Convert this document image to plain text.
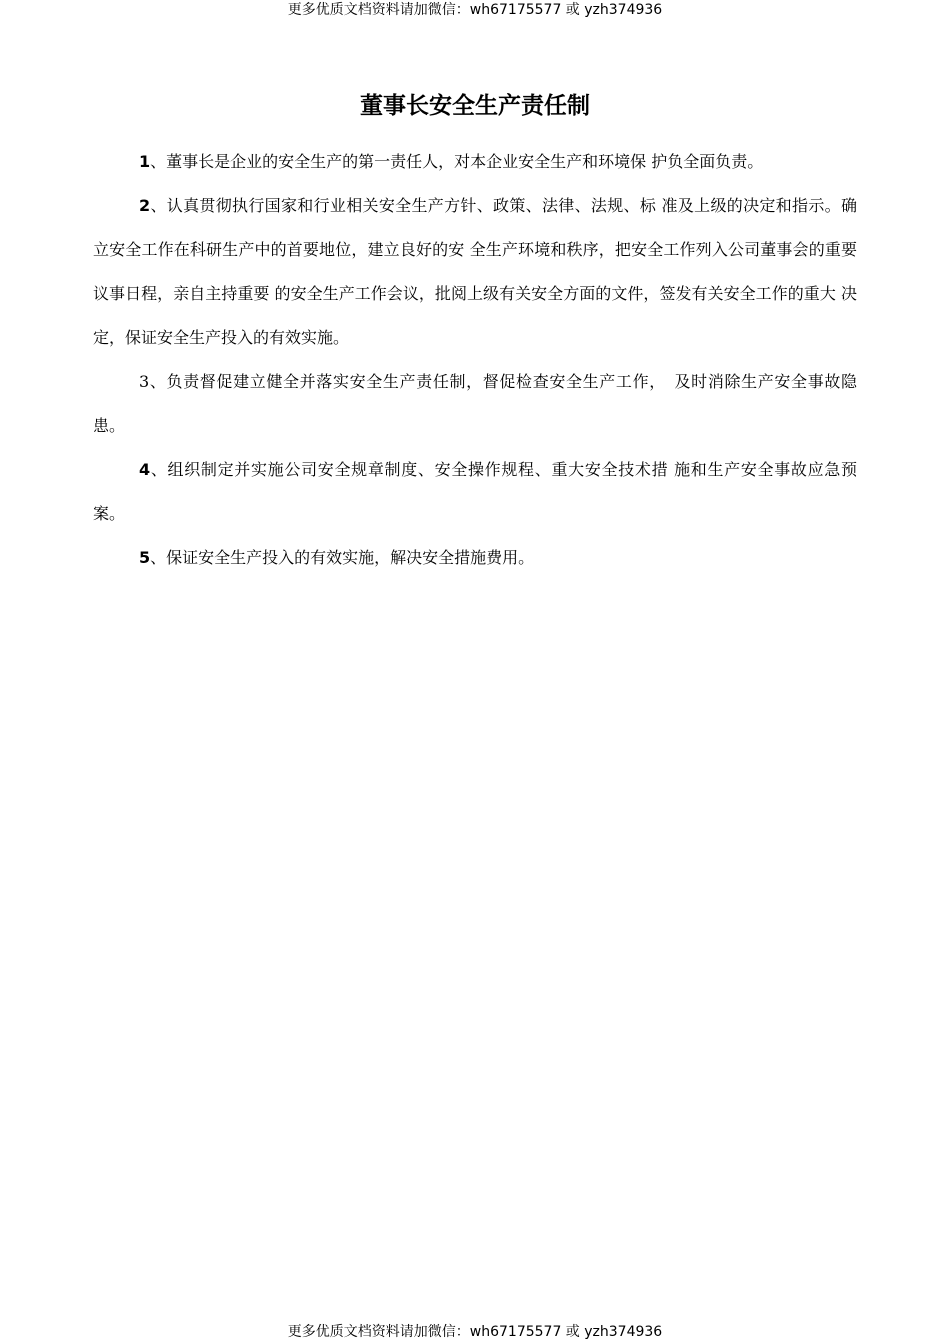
更多优质文档资料请加微信：wh67175577 或 yzh374936
董事长安全生产责任制

1、董事长是企业的安全生产的第一责任人，对本企业安全生产和环境保 护负全面负责。

2、认真贯彻执行国家和行业相关安全生产方针、政策、法律、法规、标 准及上级的决定和指示。确立安全工作在科研生产中的首要地位，建立良好的安 全生产环境和秩序，把安全工作列入公司董事会的重要议事日程，亲自主持重要 的安全生产工作会议，批阅上级有关安全方面的文件，签发有关安全工作的重大 决定，保证安全生产投入的有效实施。

3、负责督促建立健全并落实安全生产责任制，督促检查安全生产工作，　及时消除生产安全事故隐患。

4、组织制定并实施公司安全规章制度、安全操作规程、重大安全技术措 施和生产安全事故应急预案。

5、保证安全生产投入的有效实施，解决安全措施费用。

更多优质文档资料请加微信：wh67175577 或 yzh374936
